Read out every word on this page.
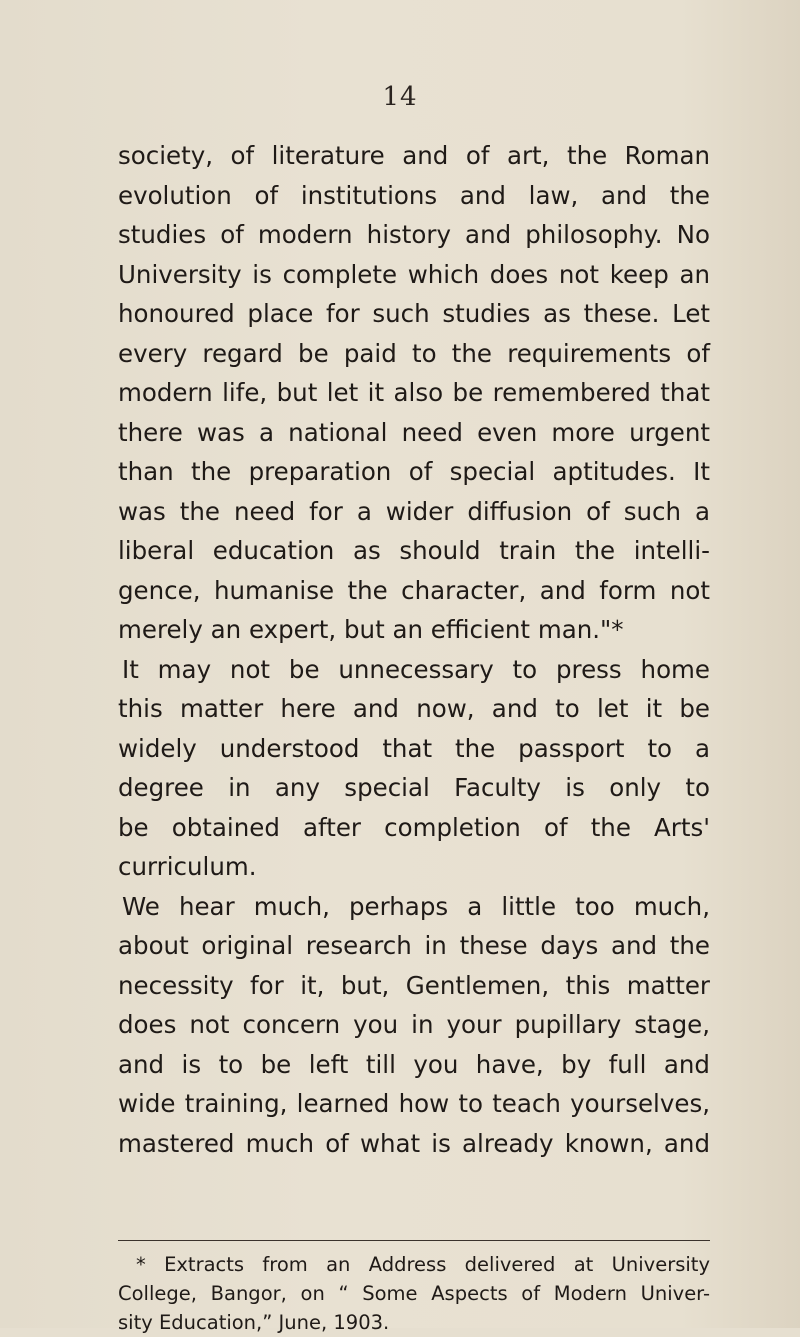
14
society, of literature and of art, the Roman
evolution of institutions and law, and the
studies of modern history and philosophy. No
University is complete which does not keep an
honoured place for such studies as these. Let
every regard be paid to the requirements of
modern life, but let it also be remembered that
there was a national need even more urgent
than the preparation of special aptitudes. It
was the need for a wider diffusion of such a
liberal education as should train the intelli-
gence, humanise the character, and form not
merely an expert, but an efficient man."*
It may not be unnecessary to press home
this matter here and now, and to let it be
widely understood that the passport to a
degree in any special Faculty is only to
be obtained after completion of the Arts'
curriculum.
We hear much, perhaps a little too much,
about original research in these days and the
necessity for it, but, Gentlemen, this matter
does not concern you in your pupillary stage,
and is to be left till you have, by full and
wide training, learned how to teach yourselves,
mastered much of what is already known, and
* Extracts from an Address delivered at University
College, Bangor, on “ Some Aspects of Modern Univer-
sity Education,” June, 1903.
